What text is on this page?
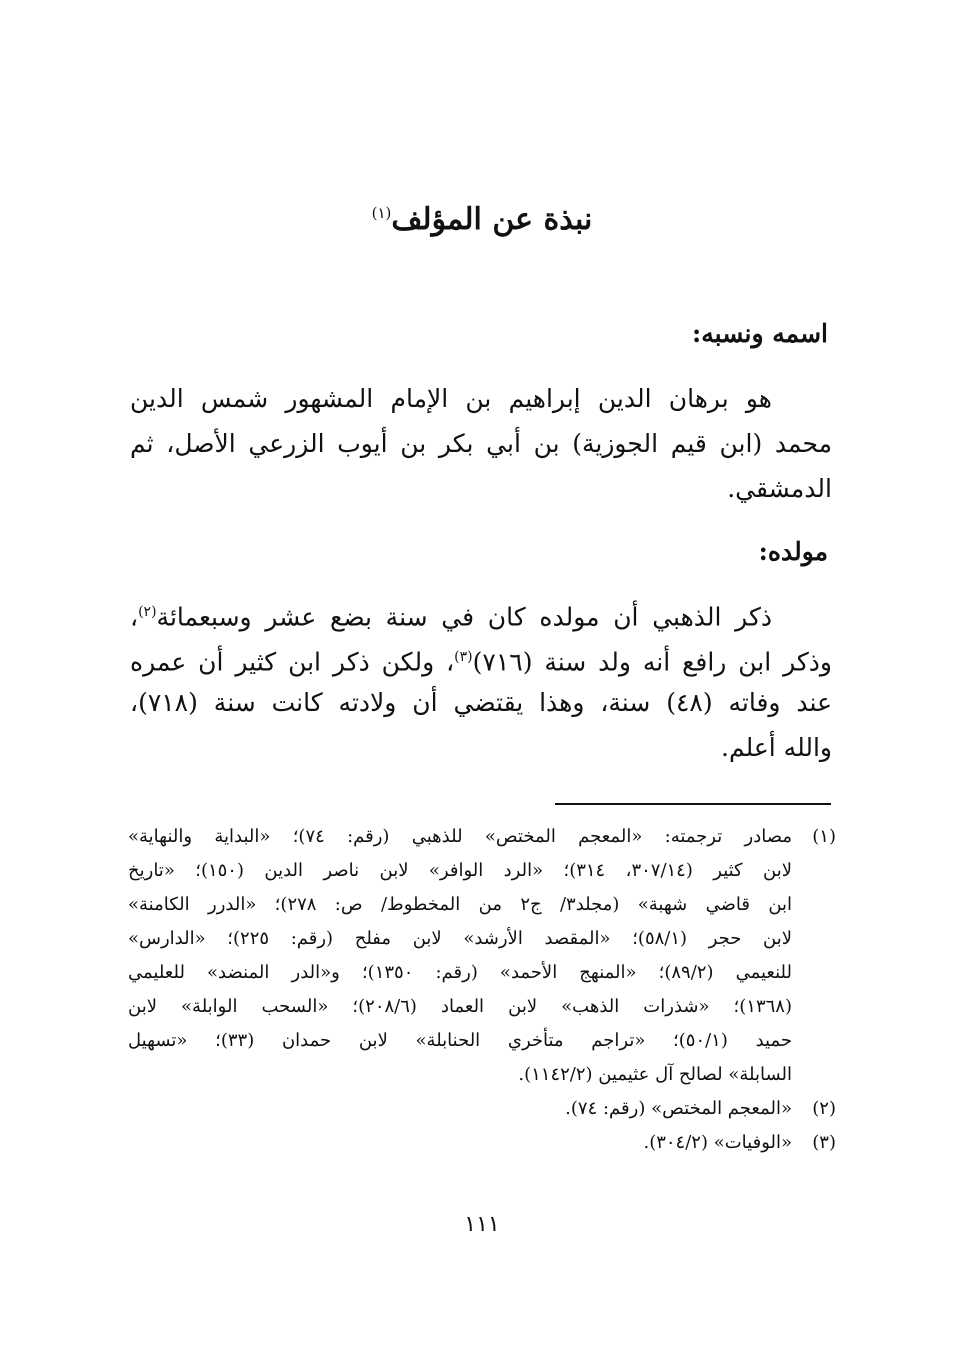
نبذة عن المؤلف$^{(١)}$
اسمه ونسبه:
هو برهان الدين إبراهيم بن الإمام المشهور شمس الدين
محمد (ابن قيم الجوزية) بن أبي بكر بن أيوب الزرعي الأصل، ثم
الدمشقي.
مولده:
ذكر الذهبي أن مولده كان في سنة بضع عشر وسبعمائة$^{(٢)}$،
وذكر ابن رافع أنه ولد سنة (٧١٦)$^{(٣)}$، ولكن ذكر ابن كثير أن عمره
عند وفاته (٤٨) سنة، وهذا يقتضي أن ولادته كانت سنة (٧١٨)،
والله أعلم.
(١)
مصادر ترجمته: «المعجم المختص» للذهبي (رقم: ٧٤)؛ «البداية والنهاية»
لابن كثير (٣٠٧/١٤، ٣١٤)؛ «الرد الوافر» لابن ناصر الدين (١٥٠)؛ «تاريخ
ابن قاضي شهبة» (مجلد٣/ ج٢ من المخطوط/ ص: ٢٧٨)؛ «الدرر الكامنة»
لابن حجر (٥٨/١)؛ «المقصد الأرشد» لابن مفلح (رقم: ٢٢٥)؛ «الدارس»
للنعيمي (٨٩/٢)؛ «المنهج الأحمد» (رقم: ١٣٥٠)؛ و«الدر المنضد» للعليمي
(١٣٦٨)؛ «شذرات الذهب» لابن العماد (٢٠٨/٦)؛ «السحب الوابلة» لابن
حميد (٥٠/١)؛ «تراجم متأخري الحنابلة» لابن حمدان (٣٣)؛ «تسهيل
السابلة» لصالح آل عثيمين (١١٤٢/٢).
(٢)
«المعجم المختص» (رقم: ٧٤).
(٣)
«الوفيات» (٣٠٤/٢).
١١١
